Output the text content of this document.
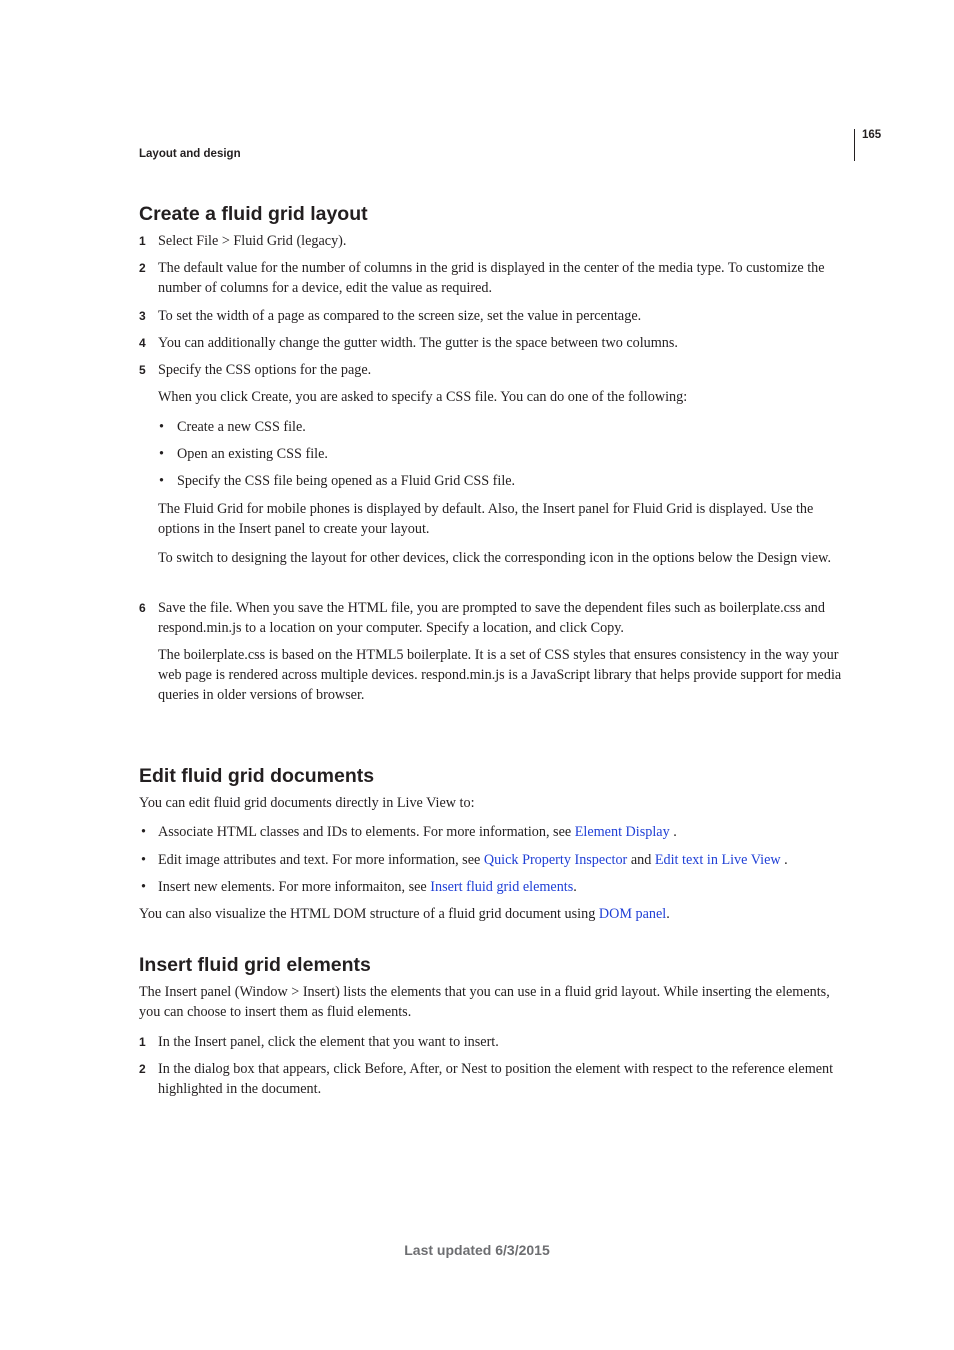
Layout and design
165
Create a fluid grid layout
1 Select File > Fluid Grid (legacy).
2 The default value for the number of columns in the grid is displayed in the center of the media type. To customize the number of columns for a device, edit the value as required.
3 To set the width of a page as compared to the screen size, set the value in percentage.
4 You can additionally change the gutter width. The gutter is the space between two columns.
5 Specify the CSS options for the page.
When you click Create, you are asked to specify a CSS file. You can do one of the following:
• Create a new CSS file.
• Open an existing CSS file.
• Specify the CSS file being opened as a Fluid Grid CSS file.
The Fluid Grid for mobile phones is displayed by default. Also, the Insert panel for Fluid Grid is displayed. Use the options in the Insert panel to create your layout.
To switch to designing the layout for other devices, click the corresponding icon in the options below the Design view.
6 Save the file. When you save the HTML file, you are prompted to save the dependent files such as boilerplate.css and respond.min.js to a location on your computer. Specify a location, and click Copy.
The boilerplate.css is based on the HTML5 boilerplate. It is a set of CSS styles that ensures consistency in the way your web page is rendered across multiple devices. respond.min.js is a JavaScript library that helps provide support for media queries in older versions of browser.
Edit fluid grid documents
You can edit fluid grid documents directly in Live View to:
• Associate HTML classes and IDs to elements. For more information, see Element Display .
• Edit image attributes and text. For more information, see Quick Property Inspector and Edit text in Live View .
• Insert new elements. For more informaiton, see Insert fluid grid elements.
You can also visualize the HTML DOM structure of a fluid grid document using DOM panel.
Insert fluid grid elements
The Insert panel (Window > Insert) lists the elements that you can use in a fluid grid layout. While inserting the elements, you can choose to insert them as fluid elements.
1 In the Insert panel, click the element that you want to insert.
2 In the dialog box that appears, click Before, After, or Nest to position the element with respect to the reference element highlighted in the document.
Last updated 6/3/2015
